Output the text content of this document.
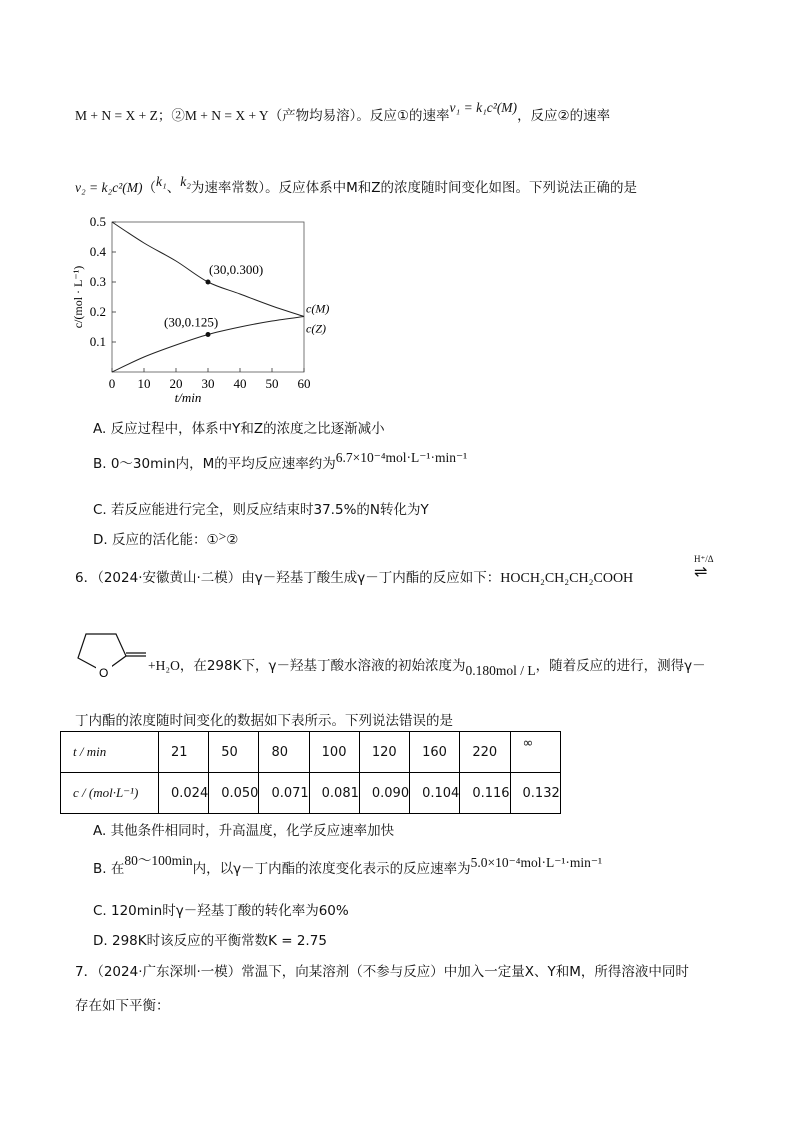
M + N = X + Z；②M + N = X + Y（产物均易溶）。反应①的速率v₁ = k₁c²(M)，反应②的速率
v₂ = k₂c²(M)（k₁、k₂为速率常数）。反应体系中M和Z的浓度随时间变化如图。下列说法正确的是
0 10 20 30 40 50 60
0.1
0.2
0.3
0.4
0.5
t/min
c/(mol · L⁻¹)	c(M)
c(Z)
(30,0.300)
(30,0.125)
A. 反应过程中，体系中Y和Z的浓度之比逐渐减小
B. 0～30min内，M的平均反应速率约为6.7×10⁻⁴mol·L⁻¹·min⁻¹
C. 若反应能进行完全，则反应结束时37.5%的N转化为Y
D. 反应的活化能：①>②
6．（2024·安徽黄山·二模）由γ－羟基丁酸生成γ－丁内酯的反应如下：HOCH₂CH₂CH₂COOH
H⁺/Δ
⇌
O	+H₂O，在298K下，γ－羟基丁酸水溶液的初始浓度为0.180mol / L，随着反应的进行，测得γ－
丁内酯的浓度随时间变化的数据如下表所示。下列说法错误的是
t / min	21	50	80	100	120	160	220	∞
c / (mol·L⁻¹)	0.024	0.050	0.071	0.081	0.090	0.104	0.116	0.132
A. 其他条件相同时，升高温度，化学反应速率加快
B. 在80～100min内，以γ－丁内酯的浓度变化表示的反应速率为5.0×10⁻⁴mol·L⁻¹·min⁻¹
C. 120min时γ－羟基丁酸的转化率为60%
D. 298K时该反应的平衡常数K = 2.75
7．（2024·广东深圳·一模）常温下，向某溶剂（不参与反应）中加入一定量X、Y和M，所得溶液中同时
存在如下平衡：
